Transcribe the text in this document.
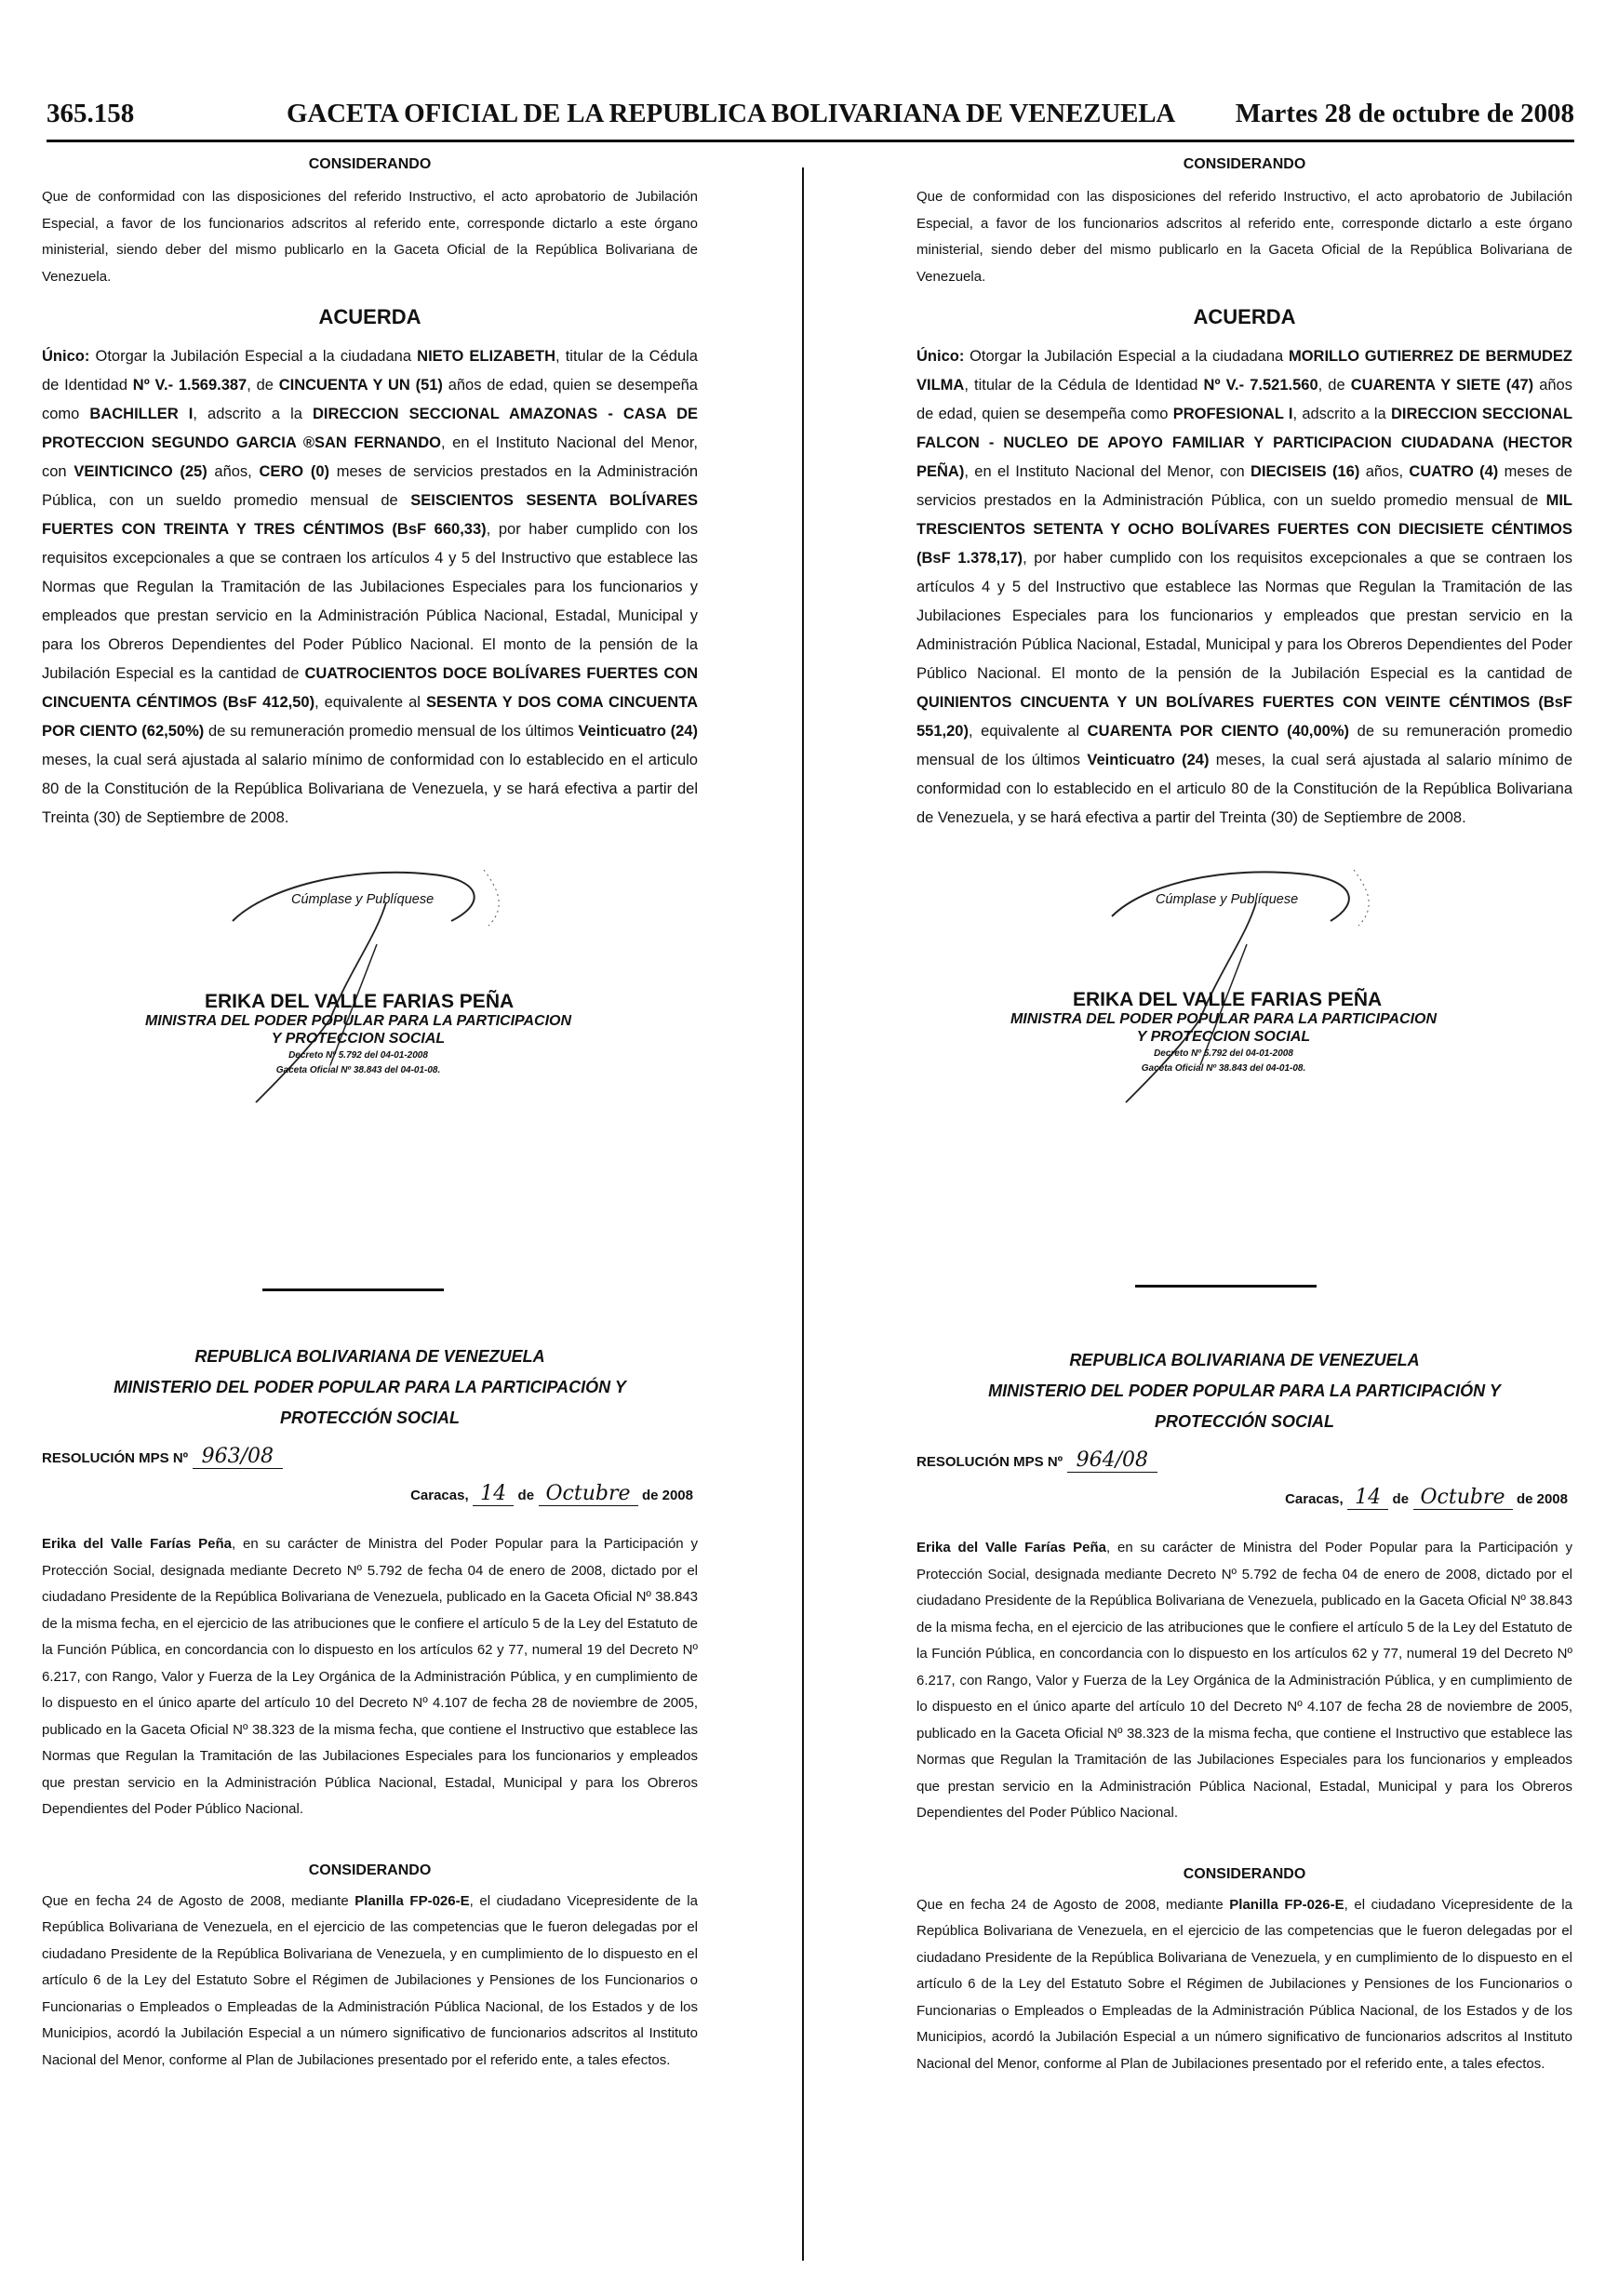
365.158	GACETA OFICIAL DE LA REPUBLICA BOLIVARIANA DE VENEZUELA Martes 28 de octubre de 2008
CONSIDERANDO

Que de conformidad con las disposiciones del referido Instructivo, el acto aprobatorio de Jubilación Especial, a favor de los funcionarios adscritos al referido ente, corresponde dictarlo a este órgano ministerial, siendo deber del mismo publicarlo en la Gaceta Oficial de la República Bolivariana de Venezuela.

ACUERDA

Único: Otorgar la Jubilación Especial a la ciudadana NIETO ELIZABETH, titular de la Cédula de Identidad Nº V.- 1.569.387, de CINCUENTA Y UN (51) años de edad, quien se desempeña como BACHILLER I, adscrito a la DIRECCION SECCIONAL AMAZONAS - CASA DE PROTECCION SEGUNDO GARCIA ®SAN FERNANDO, en el Instituto Nacional del Menor, con VEINTICINCO (25) años, CERO (0) meses de servicios prestados en la Administración Pública, con un sueldo promedio mensual de SEISCIENTOS SESENTA BOLÍVARES FUERTES CON TREINTA Y TRES CÉNTIMOS (BsF 660,33), por haber cumplido con los requisitos excepcionales a que se contraen los artículos 4 y 5 del Instructivo que establece las Normas que Regulan la Tramitación de las Jubilaciones Especiales para los funcionarios y empleados que prestan servicio en la Administración Pública Nacional, Estadal, Municipal y para los Obreros Dependientes del Poder Público Nacional. El monto de la pensión de la Jubilación Especial es la cantidad de CUATROCIENTOS DOCE BOLÍVARES FUERTES CON CINCUENTA CÉNTIMOS (BsF 412,50), equivalente al SESENTA Y DOS COMA CINCUENTA POR CIENTO (62,50%) de su remuneración promedio mensual de los últimos Veinticuatro (24) meses, la cual será ajustada al salario mínimo de conformidad con lo establecido en el articulo 80 de la Constitución de la República Bolivariana de Venezuela, y se hará efectiva a partir del Treinta (30) de Septiembre de 2008.

Cúmplase y Publíquese
ERIKA DEL VALLE FARIAS PEÑA
MINISTRA DEL PODER POPULAR PARA LA PARTICIPACION
Y PROTECCION SOCIAL
Decreto Nº 5.792 del 04-01-2008
Gaceta Oficial Nº 38.843 del 04-01-08.
REPUBLICA BOLIVARIANA DE VENEZUELA
MINISTERIO DEL PODER POPULAR PARA LA PARTICIPACIÓN Y
PROTECCIÓN SOCIAL
RESOLUCIÓN MPS Nº 963/08
Caracas, 14 de Octubre de 2008

Erika del Valle Farías Peña, en su carácter de Ministra del Poder Popular para la Participación y Protección Social, designada mediante Decreto Nº 5.792 de fecha 04 de enero de 2008, dictado por el ciudadano Presidente de la República Bolivariana de Venezuela, publicado en la Gaceta Oficial Nº 38.843 de la misma fecha, en el ejercicio de las atribuciones que le confiere el artículo 5 de la Ley del Estatuto de la Función Pública, en concordancia con lo dispuesto en los artículos 62 y 77, numeral 19 del Decreto Nº 6.217, con Rango, Valor y Fuerza de la Ley Orgánica de la Administración Pública, y en cumplimiento de lo dispuesto en el único aparte del artículo 10 del Decreto Nº 4.107 de fecha 28 de noviembre de 2005, publicado en la Gaceta Oficial Nº 38.323 de la misma fecha, que contiene el Instructivo que establece las Normas que Regulan la Tramitación de las Jubilaciones Especiales para los funcionarios y empleados que prestan servicio en la Administración Pública Nacional, Estadal, Municipal y para los Obreros Dependientes del Poder Público Nacional.

CONSIDERANDO

Que en fecha 24 de Agosto de 2008, mediante Planilla FP-026-E, el ciudadano Vicepresidente de la República Bolivariana de Venezuela, en el ejercicio de las competencias que le fueron delegadas por el ciudadano Presidente de la República Bolivariana de Venezuela, y en cumplimiento de lo dispuesto en el artículo 6 de la Ley del Estatuto Sobre el Régimen de Jubilaciones y Pensiones de los Funcionarios o Funcionarias o Empleados o Empleadas de la Administración Pública Nacional, de los Estados y de los Municipios, acordó la Jubilación Especial a un número significativo de funcionarios adscritos al Instituto Nacional del Menor, conforme al Plan de Jubilaciones presentado por el referido ente, a tales efectos.

CONSIDERANDO

Que de conformidad con las disposiciones del referido Instructivo, el acto aprobatorio de Jubilación Especial, a favor de los funcionarios adscritos al referido ente, corresponde dictarlo a este órgano ministerial, siendo deber del mismo publicarlo en la Gaceta Oficial de la República Bolivariana de Venezuela.

ACUERDA

Único: Otorgar la Jubilación Especial a la ciudadana MORILLO GUTIERREZ DE BERMUDEZ VILMA, titular de la Cédula de Identidad Nº V.- 7.521.560, de CUARENTA Y SIETE (47) años de edad, quien se desempeña como PROFESIONAL I, adscrito a la DIRECCION SECCIONAL FALCON - NUCLEO DE APOYO FAMILIAR Y PARTICIPACION CIUDADANA (HECTOR PEÑA), en el Instituto Nacional del Menor, con DIECISEIS (16) años, CUATRO (4) meses de servicios prestados en la Administración Pública, con un sueldo promedio mensual de MIL TRESCIENTOS SETENTA Y OCHO BOLÍVARES FUERTES CON DIECISIETE CÉNTIMOS (BsF 1.378,17), por haber cumplido con los requisitos excepcionales a que se contraen los artículos 4 y 5 del Instructivo que establece las Normas que Regulan la Tramitación de las Jubilaciones Especiales para los funcionarios y empleados que prestan servicio en la Administración Pública Nacional, Estadal, Municipal y para los Obreros Dependientes del Poder Público Nacional. El monto de la pensión de la Jubilación Especial es la cantidad de QUINIENTOS CINCUENTA Y UN BOLÍVARES FUERTES CON VEINTE CÉNTIMOS (BsF 551,20), equivalente al CUARENTA POR CIENTO (40,00%) de su remuneración promedio mensual de los últimos Veinticuatro (24) meses, la cual será ajustada al salario mínimo de conformidad con lo establecido en el articulo 80 de la Constitución de la República Bolivariana de Venezuela, y se hará efectiva a partir del Treinta (30) de Septiembre de 2008.

Cúmplase y Publíquese
ERIKA DEL VALLE FARIAS PEÑA
MINISTRA DEL PODER POPULAR PARA LA PARTICIPACION
Y PROTECCION SOCIAL
Decreto Nº 5.792 del 04-01-2008
Gaceta Oficial Nº 38.843 del 04-01-08.
REPUBLICA BOLIVARIANA DE VENEZUELA
MINISTERIO DEL PODER POPULAR PARA LA PARTICIPACIÓN Y
PROTECCIÓN SOCIAL
RESOLUCIÓN MPS Nº 964/08
Caracas, 14 de Octubre de 2008

Erika del Valle Farías Peña, en su carácter de Ministra del Poder Popular para la Participación y Protección Social, designada mediante Decreto Nº 5.792 de fecha 04 de enero de 2008, dictado por el ciudadano Presidente de la República Bolivariana de Venezuela, publicado en la Gaceta Oficial Nº 38.843 de la misma fecha, en el ejercicio de las atribuciones que le confiere el artículo 5 de la Ley del Estatuto de la Función Pública, en concordancia con lo dispuesto en los artículos 62 y 77, numeral 19 del Decreto Nº 6.217, con Rango, Valor y Fuerza de la Ley Orgánica de la Administración Pública, y en cumplimiento de lo dispuesto en el único aparte del artículo 10 del Decreto Nº 4.107 de fecha 28 de noviembre de 2005, publicado en la Gaceta Oficial Nº 38.323 de la misma fecha, que contiene el Instructivo que establece las Normas que Regulan la Tramitación de las Jubilaciones Especiales para los funcionarios y empleados que prestan servicio en la Administración Pública Nacional, Estadal, Municipal y para los Obreros Dependientes del Poder Público Nacional.

CONSIDERANDO

Que en fecha 24 de Agosto de 2008, mediante Planilla FP-026-E, el ciudadano Vicepresidente de la República Bolivariana de Venezuela, en el ejercicio de las competencias que le fueron delegadas por el ciudadano Presidente de la República Bolivariana de Venezuela, y en cumplimiento de lo dispuesto en el artículo 6 de la Ley del Estatuto Sobre el Régimen de Jubilaciones y Pensiones de los Funcionarios o Funcionarias o Empleados o Empleadas de la Administración Pública Nacional, de los Estados y de los Municipios, acordó la Jubilación Especial a un número significativo de funcionarios adscritos al Instituto Nacional del Menor, conforme al Plan de Jubilaciones presentado por el referido ente, a tales efectos.
